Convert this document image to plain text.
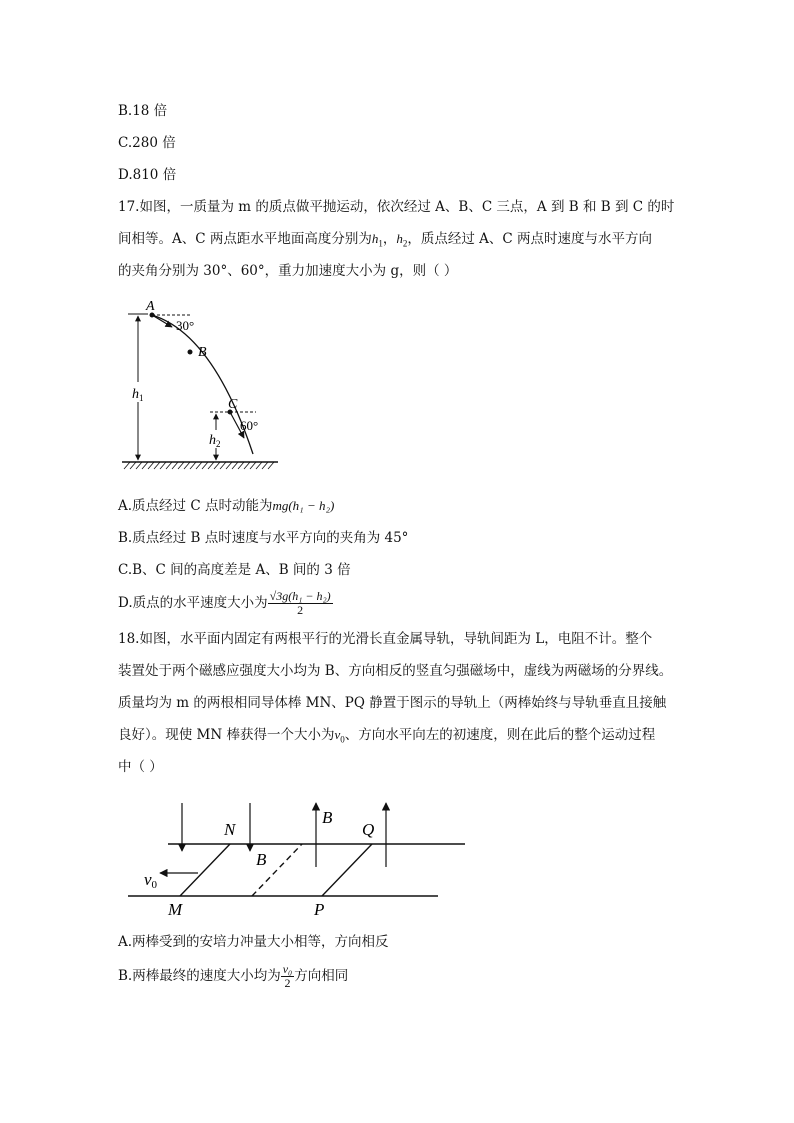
B.18 倍
C.280 倍
D.810 倍
17.如图，一质量为 m 的质点做平抛运动，依次经过 A、B、C 三点，A 到 B 和 B 到 C 的时
间相等。A、C 两点距水平地面高度分别为$h_1$，$h_2$，质点经过 A、C 两点时速度与水平方向
的夹角分别为 30°、60°，重力加速度大小为 g，则（ ）
$h_1$
A
30°
B
C
60°
$h_2$
A.质点经过 C 点时动能为mg(h₁ − h₂)
B.质点经过 B 点时速度与水平方向的夹角为 45°
C.B、C 间的高度差是 A、B 间的 3 倍
D.质点的水平速度大小为 $\frac{\text{√3g(h₁ − h₂)}}{2}$
18.如图，水平面内固定有两根平行的光滑长直金属导轨，导轨间距为 L，电阻不计。整个
装置处于两个磁感应强度大小均为 B、方向相反的竖直匀强磁场中，虚线为两磁场的分界线。
质量均为 m 的两根相同导体棒 MN、PQ 静置于图示的导轨上（两棒始终与导轨垂直且接触
良好）。现使 MN 棒获得一个大小为$v_0$、方向水平向左的初速度，则在此后的整个运动过程
中（ ）
N
B
B
Q
v0
M	P
A.两棒受到的安培力冲量大小相等，方向相反
B.两棒最终的速度大小均为 $\frac{\text{v₀}}{2}$ 方向相同
